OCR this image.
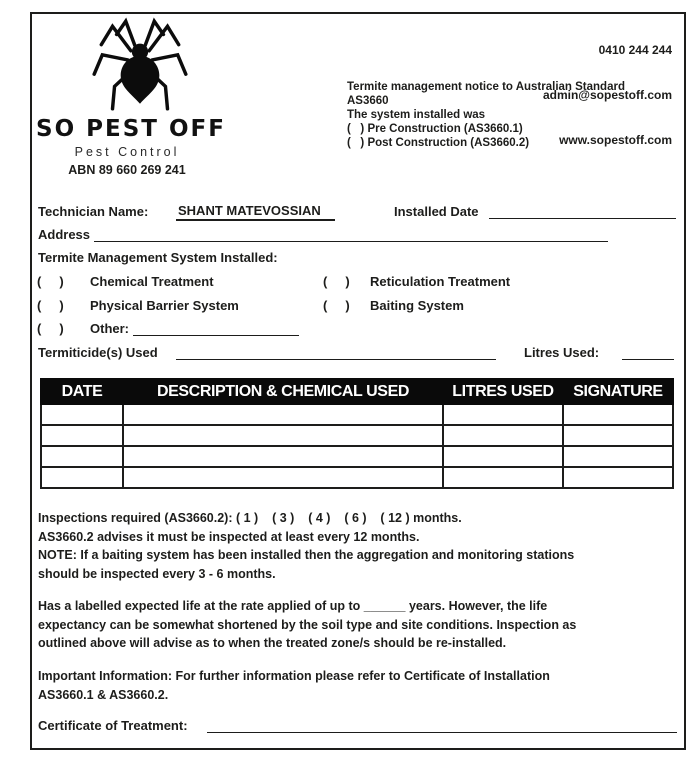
SO PEST OFF
Pest Control
ABN 89 660 269 241

0410 244 244

admin@sopestoff.com

www.sopestoff.com

Termite management notice to Australian Standard
AS3660
The system installed was
(   ) Pre Construction (AS3660.1)
(   ) Post Construction (AS3660.2)
Technician Name: SHANT MATEVOSSIAN	Installed Date
Address
Termite Management System Installed:
(     ) Chemical Treatment	(     ) Reticulation Treatment
(     ) Physical Barrier System	(     ) Baiting System
(     ) Other:
Termiticide(s) Used	Litres Used:
DATE	DESCRIPTION & CHEMICAL USED	LITRES USED	SIGNATURE

Inspections required (AS3660.2): ( 1 )    ( 3 )    ( 4 )    ( 6 )    ( 12 ) months.
AS3660.2 advises it must be inspected at least every 12 months.
NOTE: If a baiting system has been installed then the aggregation and monitoring stations
should be inspected every 3 - 6 months.
Has a labelled expected life at the rate applied of up to ______ years. However, the life
expectancy can be somewhat shortened by the soil type and site conditions. Inspection as
outlined above will advise as to when the treated zone/s should be re-installed.
Important Information: For further information please refer to Certificate of Installation
AS3660.1 & AS3660.2.
Certificate of Treatment:
